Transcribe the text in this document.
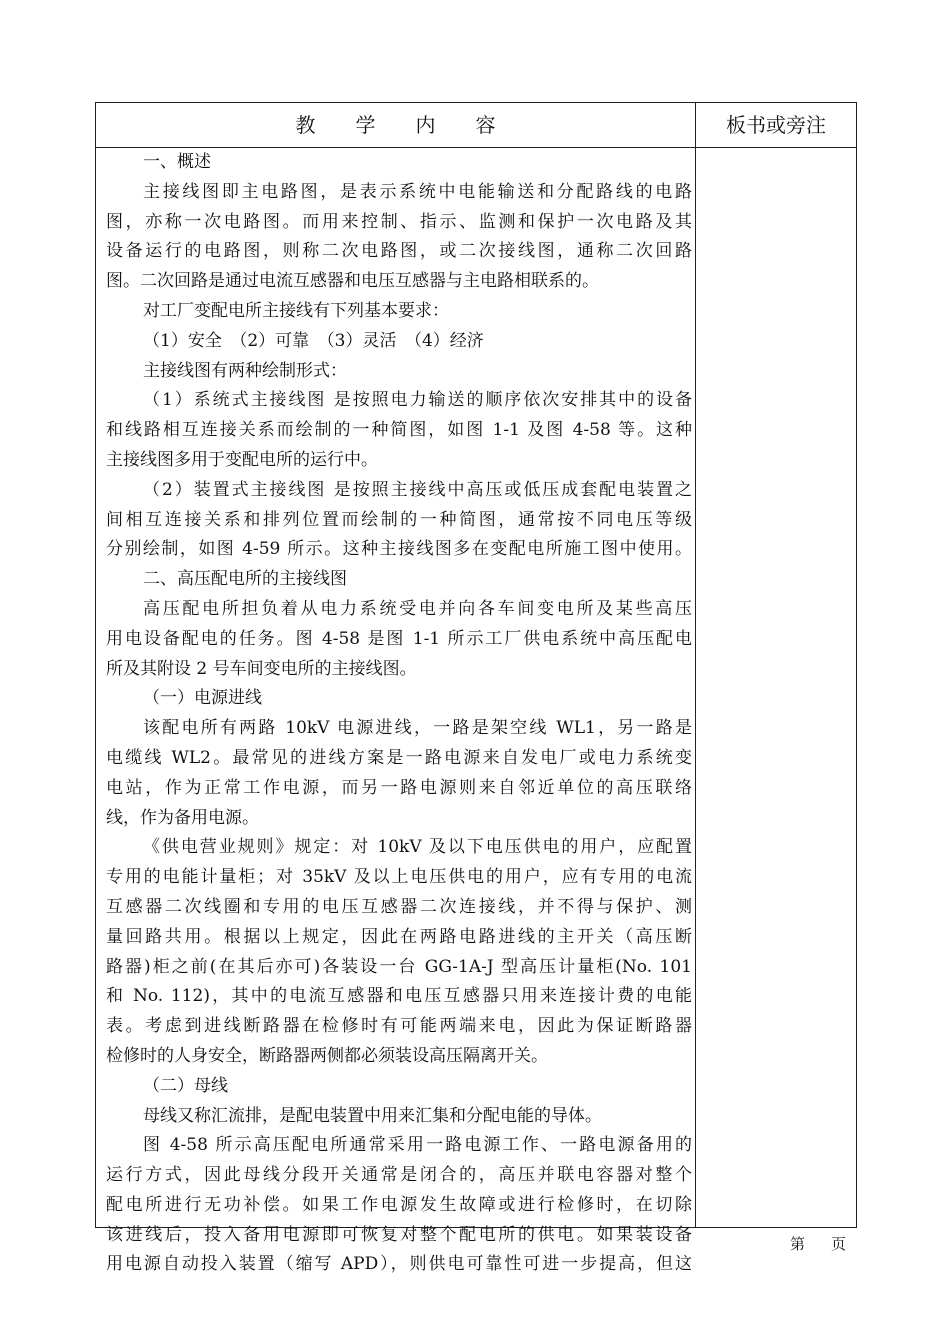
教　　学　　内　　容	板书或旁注
一、概述
主接线图即主电路图，是表示系统中电能输送和分配路线的电路
图，亦称一次电路图。而用来控制、指示、监测和保护一次电路及其
设备运行的电路图，则称二次电路图，或二次接线图，通称二次回路
图。二次回路是通过电流互感器和电压互感器与主电路相联系的。
对工厂变配电所主接线有下列基本要求：
（1）安全　（2）可靠　（3）灵活　（4）经济
主接线图有两种绘制形式：
（1）系统式主接线图 是按照电力输送的顺序依次安排其中的设备
和线路相互连接关系而绘制的一种简图，如图 1-1 及图 4-58 等。这种
主接线图多用于变配电所的运行中。
（2）装置式主接线图 是按照主接线中高压或低压成套配电装置之
间相互连接关系和排列位置而绘制的一种简图，通常按不同电压等级
分别绘制，如图 4-59 所示。这种主接线图多在变配电所施工图中使用。
二、高压配电所的主接线图
高压配电所担负着从电力系统受电并向各车间变电所及某些高压
用电设备配电的任务。图 4-58 是图 1-1 所示工厂供电系统中高压配电
所及其附设 2 号车间变电所的主接线图。
（一）电源进线
该配电所有两路 10kV 电源进线，一路是架空线 WL1，另一路是
电缆线 WL2。最常见的进线方案是一路电源来自发电厂或电力系统变
电站，作为正常工作电源，而另一路电源则来自邻近单位的高压联络
线，作为备用电源。
《供电营业规则》规定：对 10kV 及以下电压供电的用户，应配置
专用的电能计量柜；对 35kV 及以上电压供电的用户，应有专用的电流
互感器二次线圈和专用的电压互感器二次连接线，并不得与保护、测
量回路共用。根据以上规定，因此在两路电路进线的主开关（高压断
路器)柜之前(在其后亦可)各装设一台 GG-1A-J 型高压计量柜(No. 101
和 No. 112)，其中的电流互感器和电压互感器只用来连接计费的电能
表。考虑到进线断路器在检修时有可能两端来电，因此为保证断路器
检修时的人身安全，断路器两侧都必须装设高压隔离开关。
（二）母线
母线又称汇流排，是配电装置中用来汇集和分配电能的导体。
图 4-58 所示高压配电所通常采用一路电源工作、一路电源备用的
运行方式，因此母线分段开关通常是闭合的，高压并联电容器对整个
配电所进行无功补偿。如果工作电源发生故障或进行检修时，在切除
该进线后，投入备用电源即可恢复对整个配电所的供电。如果装设备
用电源自动投入装置（缩写 APD），则供电可靠性可进一步提高，但这
第 页
